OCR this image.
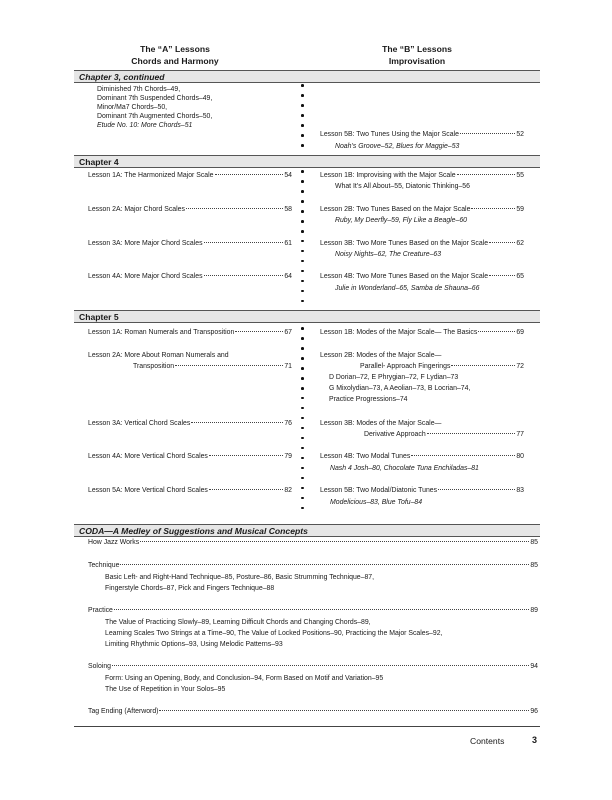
The “A” Lessons
Chords and Harmony
The “B” Lessons
Improvisation
Chapter 3, continued
Diminished 7th Chords–49,
Dominant 7th Suspended Chords–49,
Minor/Ma7 Chords–50,
Dominant 7th Augmented Chords–50,
Etude No. 10: More Chords–51
Lesson 5B: Two Tunes Using the Major Scale	52
Noah’s Groove–52, Blues for Maggie–53
Chapter 4
Lesson 1A: The Harmonized Major Scale	54
Lesson 2A: Major Chord Scales	58
Lesson 3A: More Major Chord Scales	61
Lesson 4A: More Major Chord Scales	64
Lesson 1B: Improvising with the Major Scale	55
What It’s All About–55, Diatonic Thinking–56
Lesson 2B: Two Tunes Based on the Major Scale	59
Ruby, My Deerfly–59, Fly Like a Beagle–60
Lesson 3B: Two More Tunes Based on the Major Scale	62
Noisy Nights–62, The Creature–63
Lesson 4B: Two More Tunes Based on the Major Scale	65
Julie in Wonderland–65, Samba de Shauna–66
Chapter 5
Lesson 1A: Roman Numerals and Transposition	67
Lesson 2A: More About Roman Numerals and
Transposition	71
Lesson 3A: Vertical Chord Scales	76
Lesson 4A: More Vertical Chord Scales	79
Lesson 5A: More Vertical Chord Scales	82
Lesson 1B: Modes of the Major Scale— The Basics	69
Lesson 2B: Modes of the Major Scale—
Parallel- Approach Fingerings	72
D Dorian–72, E Phrygian–72, F Lydian–73
G Mixolydian–73, A Aeolian–73, B Locrian–74,
Practice Progressions–74
Lesson 3B: Modes of the Major Scale—
Derivative Approach	77
Lesson 4B: Two Modal Tunes	80
Nash 4 Josh–80, Chocolate Tuna Enchiladas–81
Lesson 5B: Two Modal/Diatonic Tunes	83
Modelicious–83, Blue Tofu–84
CODA—A Medley of Suggestions and Musical Concepts
How Jazz Works	85
Technique	85
Basic Left- and Right-Hand Technique–85, Posture–86, Basic Strumming Technique–87,
Fingerstyle Chords–87, Pick and Fingers Technique–88
Practice	89
The Value of Practicing Slowly–89, Learning Difficult Chords and Changing Chords–89,
Learning Scales Two Strings at a Time–90, The Value of Locked Positions–90, Practicing the Major Scales–92,
Limiting Rhythmic Options–93, Using Melodic Patterns–93
Soloing	94
Form: Using an Opening, Body, and Conclusion–94, Form Based on Motif and Variation–95
The Use of Repetition in Your Solos–95
Tag Ending (Afterword)	96
Contents	3
